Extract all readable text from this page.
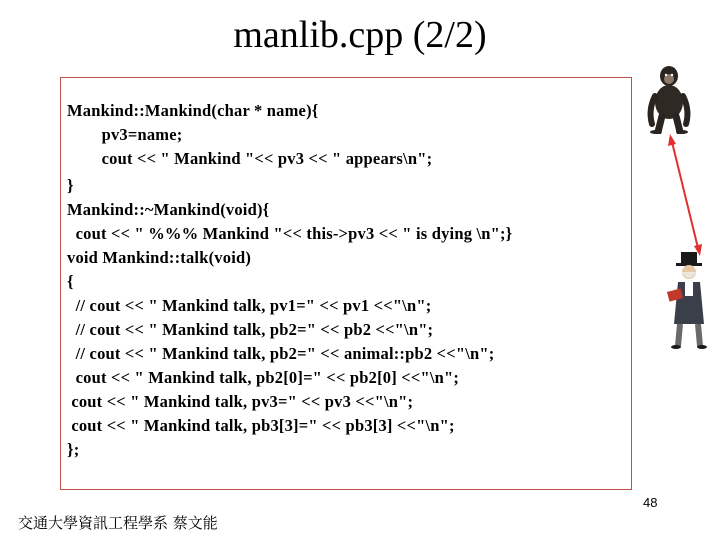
manlib.cpp (2/2)
Mankind::Mankind(char * name){
pv3=name;
cout << " Mankind "<< pv3 << " appears\n";
}
Mankind::~Mankind(void){
cout << " %%% Mankind "<< this->pv3 << " is dying \n";}
void Mankind::talk(void)
{
// cout << " Mankind talk, pv1=" << pv1 <<"\n";
// cout << " Mankind talk, pb2=" << pb2 <<"\n";
// cout << " Mankind talk, pb2=" << animal::pb2 <<"\n";
cout << " Mankind talk, pb2[0]=" << pb2[0] <<"\n";
cout << " Mankind talk, pv3=" << pv3 <<"\n";
cout << " Mankind talk, pb3[3]=" << pb3[3] <<"\n";
};
48
交通大學資訊工程學系 蔡文能
